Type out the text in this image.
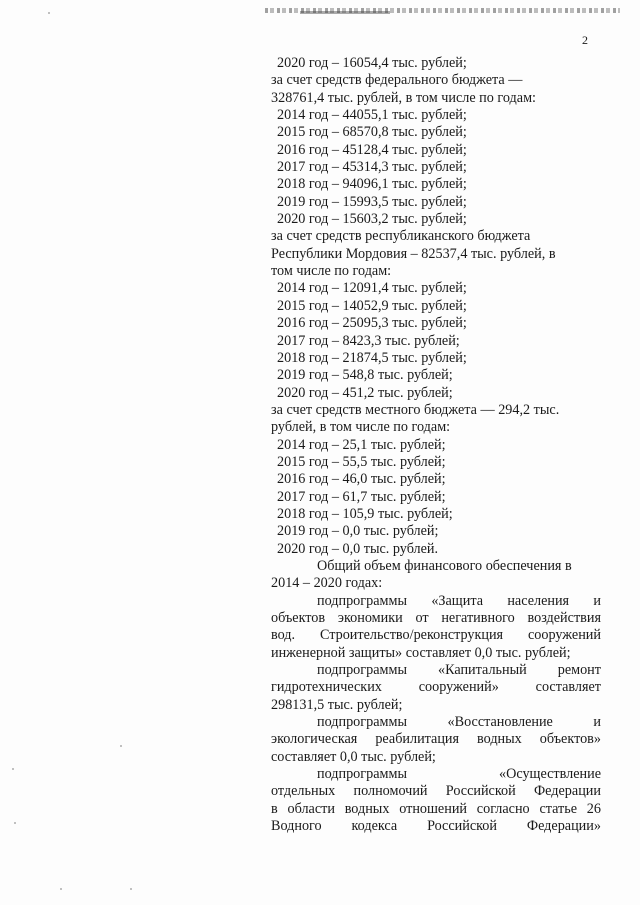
2
2020 год – 16054,4 тыс. рублей;
за счет средств федерального бюджета —
328761,4 тыс. рублей, в том числе по годам:
2014 год – 44055,1 тыс. рублей;
2015 год – 68570,8 тыс. рублей;
2016 год – 45128,4 тыс. рублей;
2017 год – 45314,3 тыс. рублей;
2018 год – 94096,1 тыс. рублей;
2019 год – 15993,5 тыс. рублей;
2020 год – 15603,2 тыс. рублей;
за счет средств республиканского бюджета
Республики Мордовия – 82537,4 тыс. рублей, в
том числе по годам:
2014 год – 12091,4 тыс. рублей;
2015 год – 14052,9 тыс. рублей;
2016 год – 25095,3 тыс. рублей;
2017 год – 8423,3 тыс. рублей;
2018 год – 21874,5 тыс. рублей;
2019 год – 548,8 тыс. рублей;
2020 год – 451,2 тыс. рублей;
за счет средств местного бюджета — 294,2 тыс.
рублей, в том числе по годам:
2014 год – 25,1 тыс. рублей;
2015 год – 55,5 тыс. рублей;
2016 год – 46,0 тыс. рублей;
2017 год – 61,7 тыс. рублей;
2018 год – 105,9 тыс. рублей;
2019 год – 0,0 тыс. рублей;
2020 год – 0,0 тыс. рублей.
Общий объем финансового обеспечения в
2014 – 2020 годах:
подпрограммы «Защита населения и
объектов экономики от негативного воздействия
вод. Строительство/реконструкция сооружений
инженерной защиты» составляет 0,0 тыс. рублей;
подпрограммы «Капитальный ремонт
гидротехнических	сооружений»	составляет
298131,5 тыс. рублей;
подпрограммы	«Восстановление	и
экологическая реабилитация водных объектов»
составляет 0,0 тыс. рублей;
подпрограммы	«Осуществление
отдельных полномочий Российской Федерации
в области водных отношений согласно статье 26
Водного кодекса Российской Федерации»
